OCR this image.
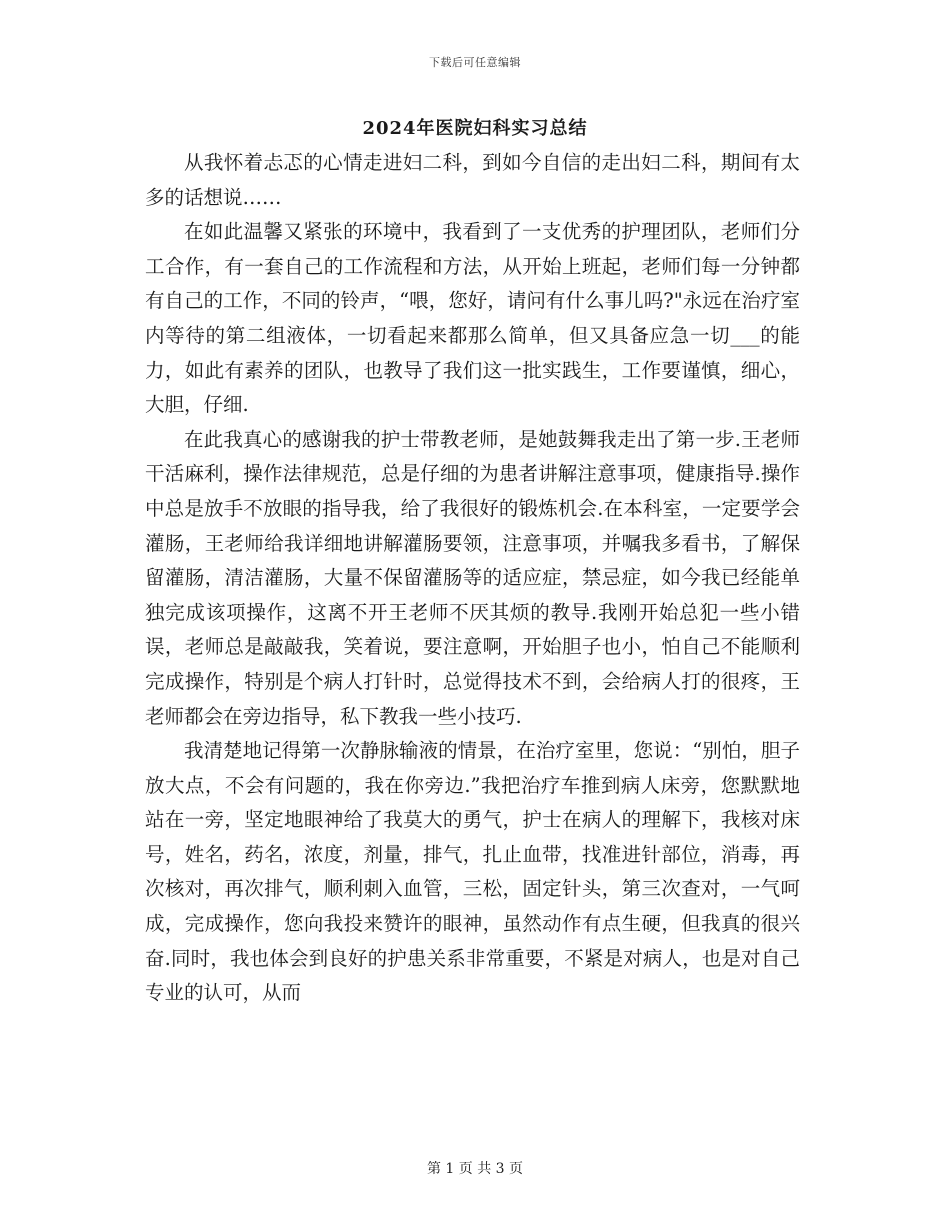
下载后可任意编辑
2024年医院妇科实习总结

从我怀着忐忑的心情走进妇二科，到如今自信的走出妇二科，期间有太多的话想说……

在如此温馨又紧张的环境中，我看到了一支优秀的护理团队，老师们分工合作，有一套自己的工作流程和方法，从开始上班起，老师们每一分钟都有自己的工作，不同的铃声，“喂，您好，请问有什么事儿吗?"永远在治疗室内等待的第二组液体，一切看起来都那么简单，但又具备应急一切___的能力，如此有素养的团队，也教导了我们这一批实践生，工作要谨慎，细心，大胆，仔细.

在此我真心的感谢我的护士带教老师，是她鼓舞我走出了第一步.王老师干活麻利，操作法律规范，总是仔细的为患者讲解注意事项，健康指导.操作中总是放手不放眼的指导我，给了我很好的锻炼机会.在本科室，一定要学会灌肠，王老师给我详细地讲解灌肠要领，注意事项，并嘱我多看书，了解保留灌肠，清洁灌肠，大量不保留灌肠等的适应症，禁忌症，如今我已经能单独完成该项操作，这离不开王老师不厌其烦的教导.我刚开始总犯一些小错误，老师总是敲敲我，笑着说，要注意啊，开始胆子也小，怕自己不能顺利完成操作，特别是个病人打针时，总觉得技术不到，会给病人打的很疼，王老师都会在旁边指导，私下教我一些小技巧.

我清楚地记得第一次静脉输液的情景，在治疗室里，您说：“别怕，胆子放大点，不会有问题的，我在你旁边.”我把治疗车推到病人床旁，您默默地站在一旁，坚定地眼神给了我莫大的勇气，护士在病人的理解下，我核对床号，姓名，药名，浓度，剂量，排气，扎止血带，找准进针部位，消毒，再次核对，再次排气，顺利刺入血管，三松，固定针头，第三次查对，一气呵成，完成操作，您向我投来赞许的眼神，虽然动作有点生硬，但我真的很兴奋.同时，我也体会到良好的护患关系非常重要，不紧是对病人，也是对自己专业的认可，从而

第 1 页 共 3 页
